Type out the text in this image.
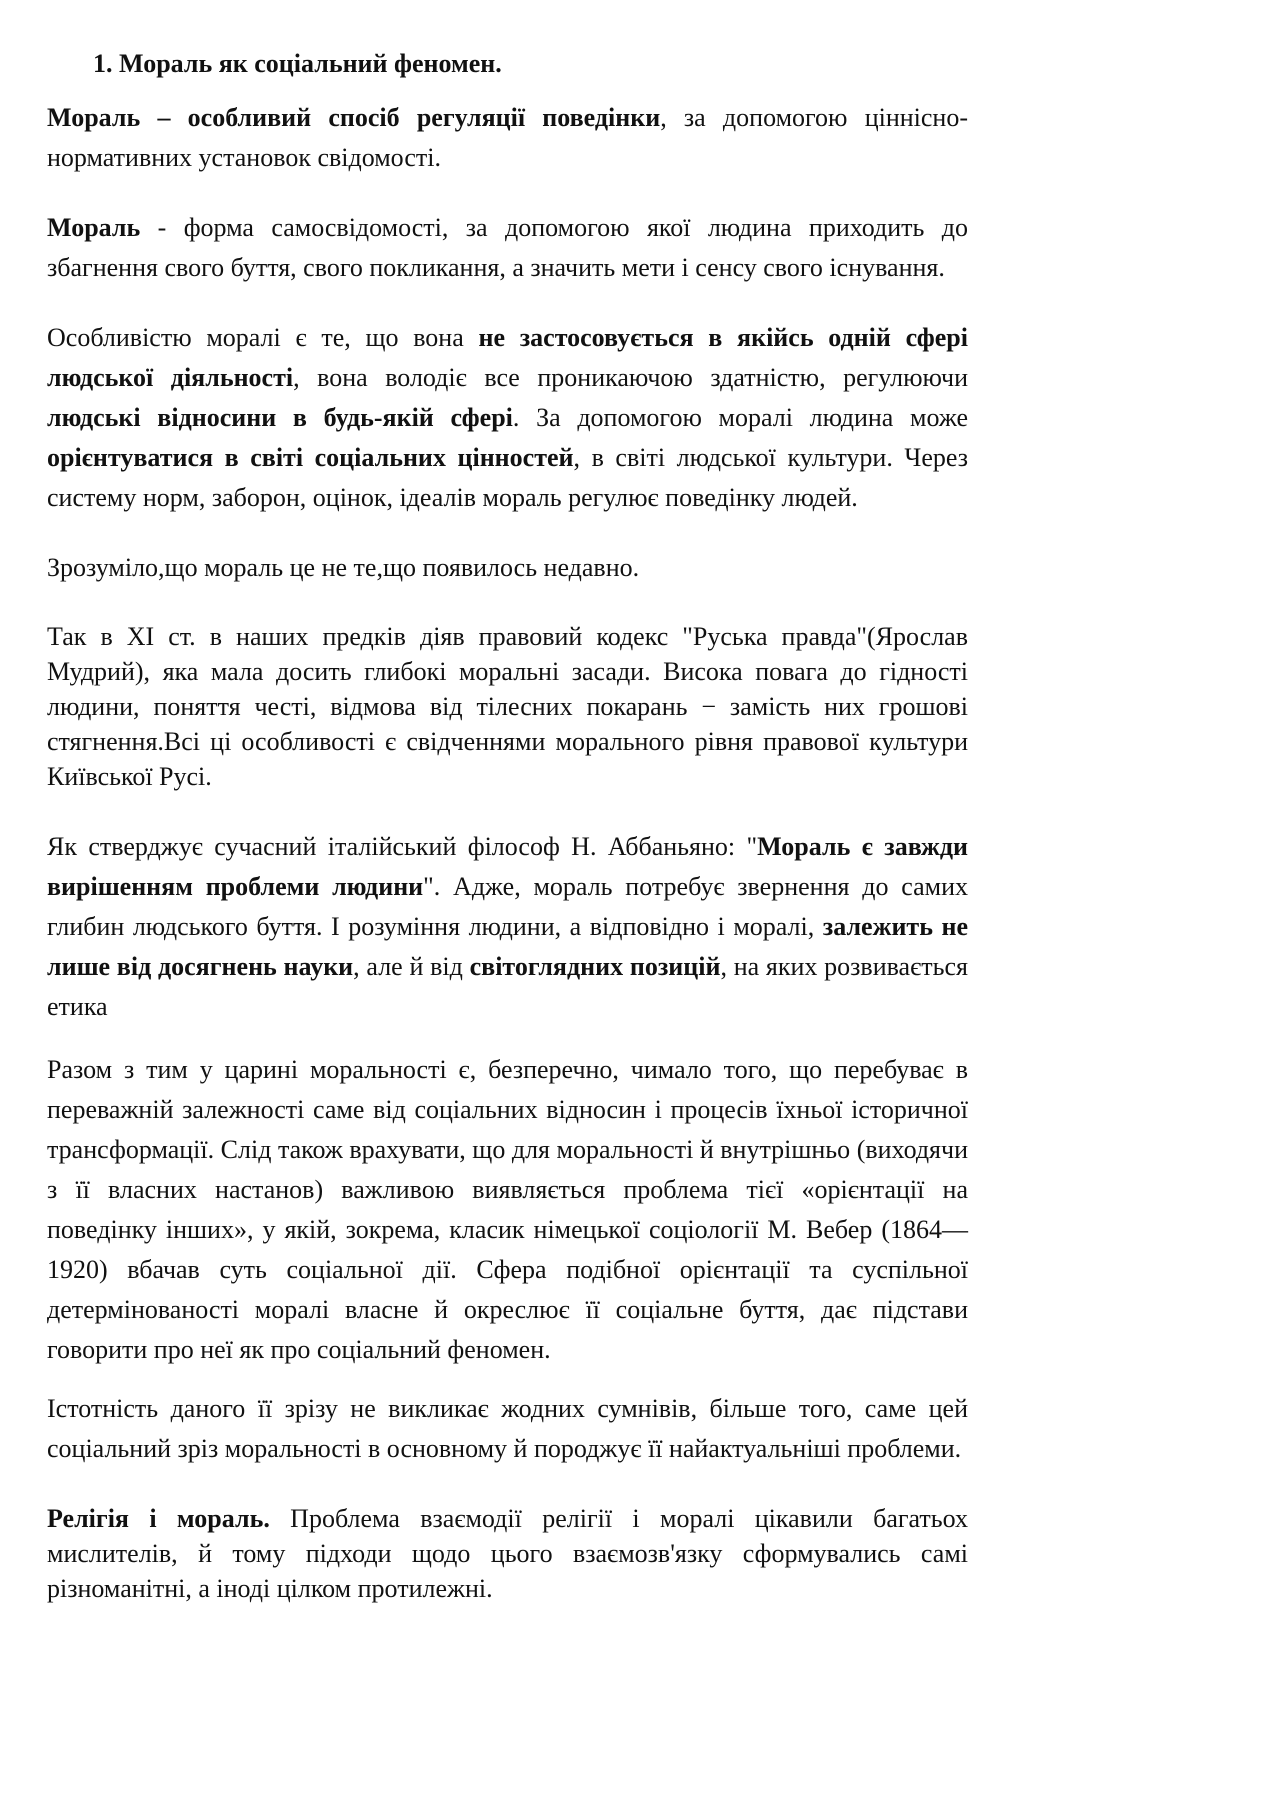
1. Мораль як соціальний феномен.

Мораль – особливий спосіб регуляції поведінки, за допомогою ціннісно-нормативних установок свідомості.

Мораль - форма самосвідомості, за допомогою якої людина приходить до збагнення свого буття, свого покликання, а значить мети і сенсу свого існування.

Особливістю моралі є те, що вона не застосовується в якійсь одній сфері людської діяльності, вона володіє все проникаючою здатністю, регулюючи людські відносини в будь-якій сфері. За допомогою моралі людина може орієнтуватися в світі соціальних цінностей, в світі людської культури. Через систему норм, заборон, оцінок, ідеалів мораль регулює поведінку людей.

Зрозуміло,що мораль це не те,що появилось недавно.

Так в XI ст. в наших предків діяв правовий кодекс "Руська правда"(Ярослав Мудрий), яка мала досить глибокі моральні засади. Висока повага до гідності людини, поняття честі, відмова від тілесних покарань − замість них грошові стягнення.Всі ці особливості є свідченнями морального рівня правової культури Київської Русі.

Як стверджує сучасний італійський філософ Н. Аббаньяно: "Мораль є завжди вирішенням проблеми людини". Адже, мораль потребує звернення до самих глибин людського буття. І розуміння людини, а відповідно і моралі, залежить не лише від досягнень науки, але й від світоглядних позицій, на яких розвивається етика

Разом з тим у царині моральності є, безперечно, чимало того, що перебуває в переважній залежності саме від соціальних відносин і процесів їхньої історичної трансформації. Слід також врахувати, що для моральності й внутрішньо (виходячи з її власних настанов) важливою виявляється проблема тієї «орієнтації на поведінку інших», у якій, зокрема, класик німецької соціології М. Вебер (1864—1920) вбачав суть соціальної дії. Сфера подібної орієнтації та суспільної детермінованості моралі власне й окреслює її соціальне буття, дає підстави говорити про неї як про соціальний феномен.

Істотність даного її зрізу не викликає жодних сумнівів, більше того, саме цей соціальний зріз моральності в основному й породжує її найактуальніші проблеми.

Релігія і мораль. Проблема взаємодії релігії і моралі цікавили багатьох мислителів, й тому підходи щодо цього взаємозв'язку сформувались самі різноманітні, а іноді цілком протилежні.
